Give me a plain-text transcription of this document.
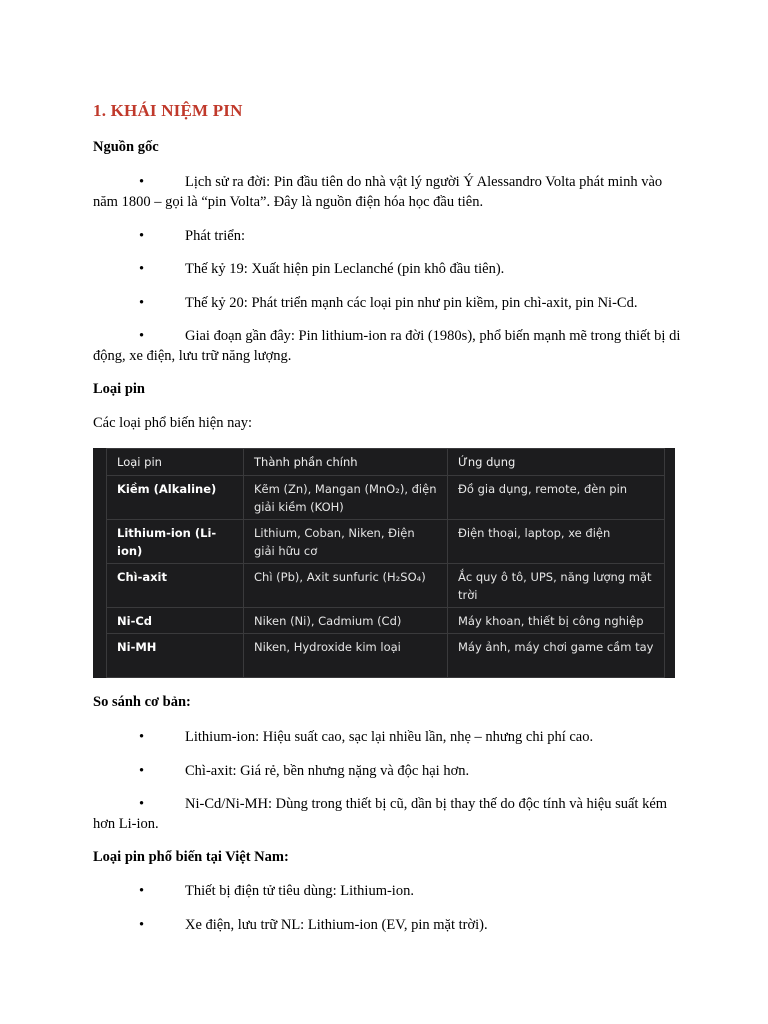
1. KHÁI NIỆM PIN
Nguồn gốc
•	Lịch sử ra đời: Pin đầu tiên do nhà vật lý người Ý Alessandro Volta phát minh vào năm 1800 – gọi là “pin Volta”. Đây là nguồn điện hóa học đầu tiên.
•	Phát triển:
•	Thế kỷ 19: Xuất hiện pin Leclanché (pin khô đầu tiên).
•	Thế kỷ 20: Phát triển mạnh các loại pin như pin kiềm, pin chì-axit, pin Ni-Cd.
•	Giai đoạn gần đây: Pin lithium-ion ra đời (1980s), phổ biến mạnh mẽ trong thiết bị di động, xe điện, lưu trữ năng lượng.
Loại pin
Các loại phổ biến hiện nay:
Loại pin	Thành phần chính	Ứng dụng
Kiềm (Alkaline)	Kẽm (Zn), Mangan (MnO₂), điện giải kiềm (KOH)	Đồ gia dụng, remote, đèn pin
Lithium-ion (Li-ion)	Lithium, Coban, Niken, Điện giải hữu cơ	Điện thoại, laptop, xe điện
Chì-axit	Chì (Pb), Axit sunfuric (H₂SO₄)	Ắc quy ô tô, UPS, năng lượng mặt trời
Ni-Cd	Niken (Ni), Cadmium (Cd)	Máy khoan, thiết bị công nghiệp
Ni-MH	Niken, Hydroxide kim loại	Máy ảnh, máy chơi game cầm tay
So sánh cơ bản:
•	Lithium-ion: Hiệu suất cao, sạc lại nhiều lần, nhẹ – nhưng chi phí cao.
•	Chì-axit: Giá rẻ, bền nhưng nặng và độc hại hơn.
•	Ni-Cd/Ni-MH: Dùng trong thiết bị cũ, dần bị thay thế do độc tính và hiệu suất kém hơn Li-ion.
Loại pin phổ biến tại Việt Nam:
•	Thiết bị điện tử tiêu dùng: Lithium-ion.
•	Xe điện, lưu trữ NL: Lithium-ion (EV, pin mặt trời).
